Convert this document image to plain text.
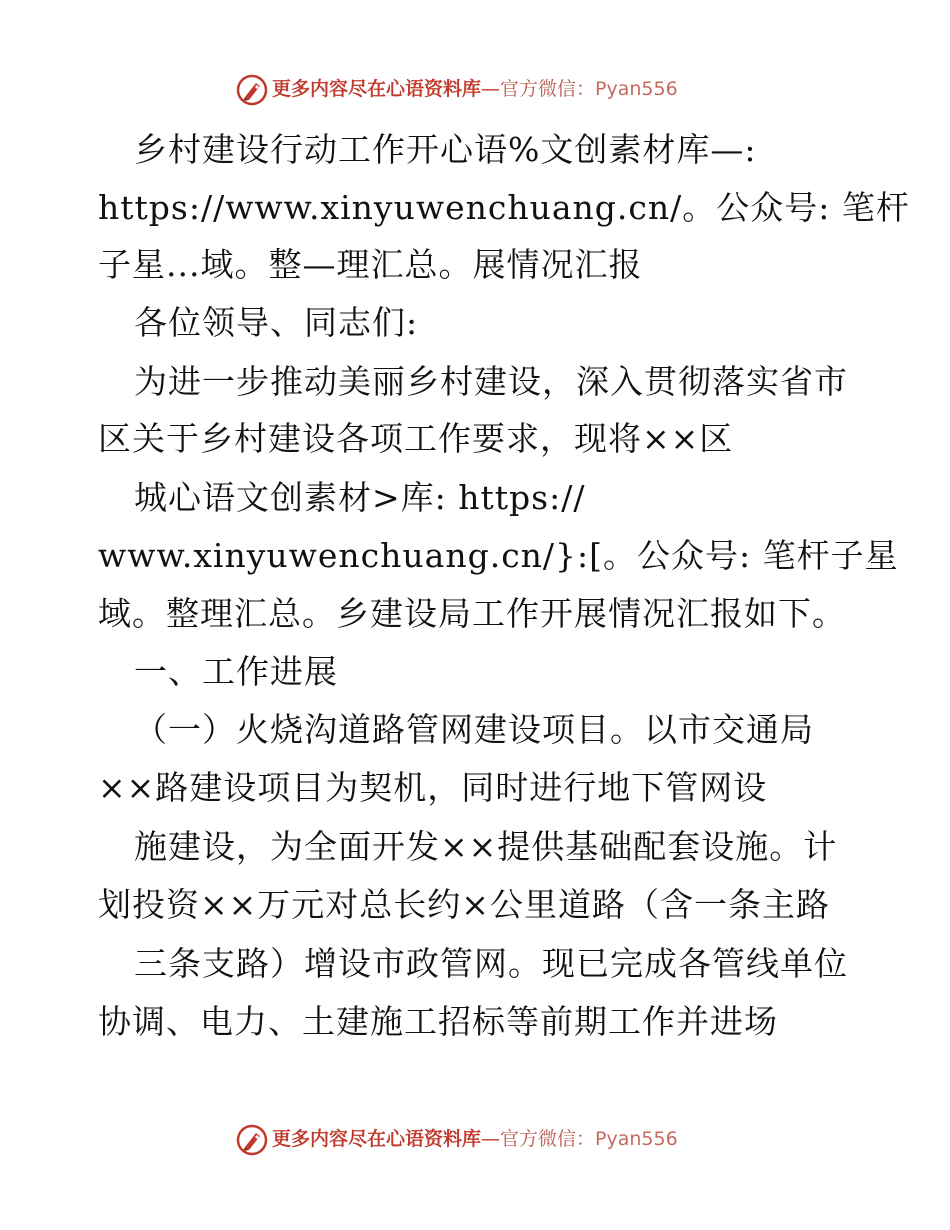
更多内容尽在心语资料库—官方微信：Pyan556
乡村建设行动工作开心语%文创素材库—:
https://www.xinyuwenchuang.cn/。公众号: 笔杆
子星...域。整—理汇总。展情况汇报
各位领导、同志们:
为进一步推动美丽乡村建设，深入贯彻落实省市
区关于乡村建设各项工作要求，现将××区
城心语文创素材>库: https://
www.xinyuwenchuang.cn/}:[。公众号: 笔杆子星
域。整理汇总。乡建设局工作开展情况汇报如下。
一、工作进展
（一）火烧沟道路管网建设项目。以市交通局
××路建设项目为契机，同时进行地下管网设
施建设，为全面开发××提供基础配套设施。计
划投资××万元对总长约×公里道路（含一条主路
三条支路）增设市政管网。现已完成各管线单位
协调、电力、土建施工招标等前期工作并进场
更多内容尽在心语资料库—官方微信：Pyan556
